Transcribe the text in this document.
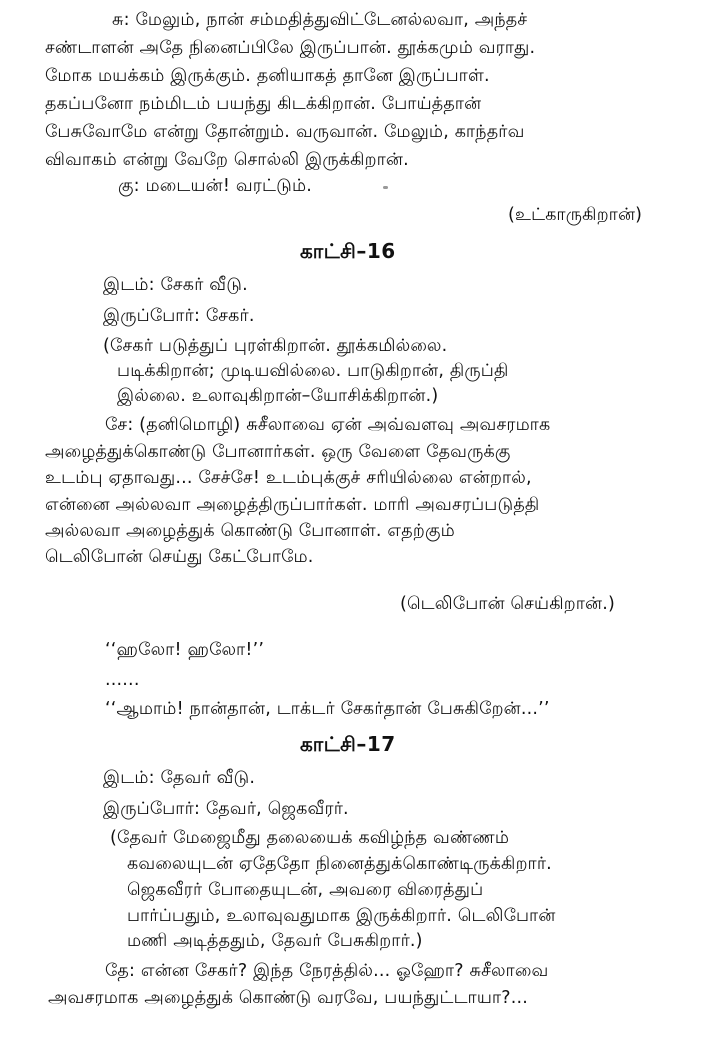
சு: மேலும், நான் சம்மதித்துவிட்டேனல்லவா, அந்தச்
சண்டாளன் அதே நினைப்பிலே இருப்பான். தூக்கமும் வராது.
மோக மயக்கம் இருக்கும். தனியாகத் தானே இருப்பாள்.
தகப்பனோ நம்மிடம் பயந்து கிடக்கிறான். போய்த்தான்
பேசுவோமே என்று தோன்றும். வருவான். மேலும், காந்தர்வ
விவாகம் என்று வேறே சொல்லி இருக்கிறான்.
கு: மடையன்! வரட்டும்.
(உட்காருகிறான்)
காட்சி–16
இடம்: சேகர் வீடு.
இருப்போர்: சேகர்.
(சேகர் படுத்துப் புரள்கிறான். தூக்கமில்லை.
படிக்கிறான்; முடியவில்லை. பாடுகிறான், திருப்தி
இல்லை. உலாவுகிறான்–யோசிக்கிறான்.)
சே: (தனிமொழி) சுசீலாவை ஏன் அவ்வளவு அவசரமாக
அழைத்துக்கொண்டு போனார்கள். ஒரு வேளை தேவருக்கு
உடம்பு ஏதாவது... சேச்சே! உடம்புக்குச் சரியில்லை என்றால்,
என்னை அல்லவா அழைத்திருப்பார்கள். மாரி அவசரப்படுத்தி
அல்லவா அழைத்துக் கொண்டு போனாள். எதற்கும்
டெலிபோன் செய்து கேட்போமே.
(டெலிபோன் செய்கிறான்.)
‘‘ஹலோ! ஹலோ!’’
......
‘‘ஆமாம்! நான்தான், டாக்டர் சேகர்தான் பேசுகிறேன்...’’
காட்சி–17
இடம்: தேவர் வீடு.
இருப்போர்: தேவர், ஜெகவீரர்.
(தேவர் மேஜைமீது தலையைக் கவிழ்ந்த வண்ணம்
கவலையுடன் ஏதேதோ நினைத்துக்கொண்டிருக்கிறார்.
ஜெகவீரர் போதையுடன், அவரை விரைத்துப்
பார்ப்பதும், உலாவுவதுமாக இருக்கிறார். டெலிபோன்
மணி அடித்ததும், தேவர் பேசுகிறார்.)
தே: என்ன சேகர்? இந்த நேரத்தில்... ஓஹோ? சுசீலாவை
அவசரமாக அழைத்துக் கொண்டு வரவே, பயந்துட்டாயா?...
